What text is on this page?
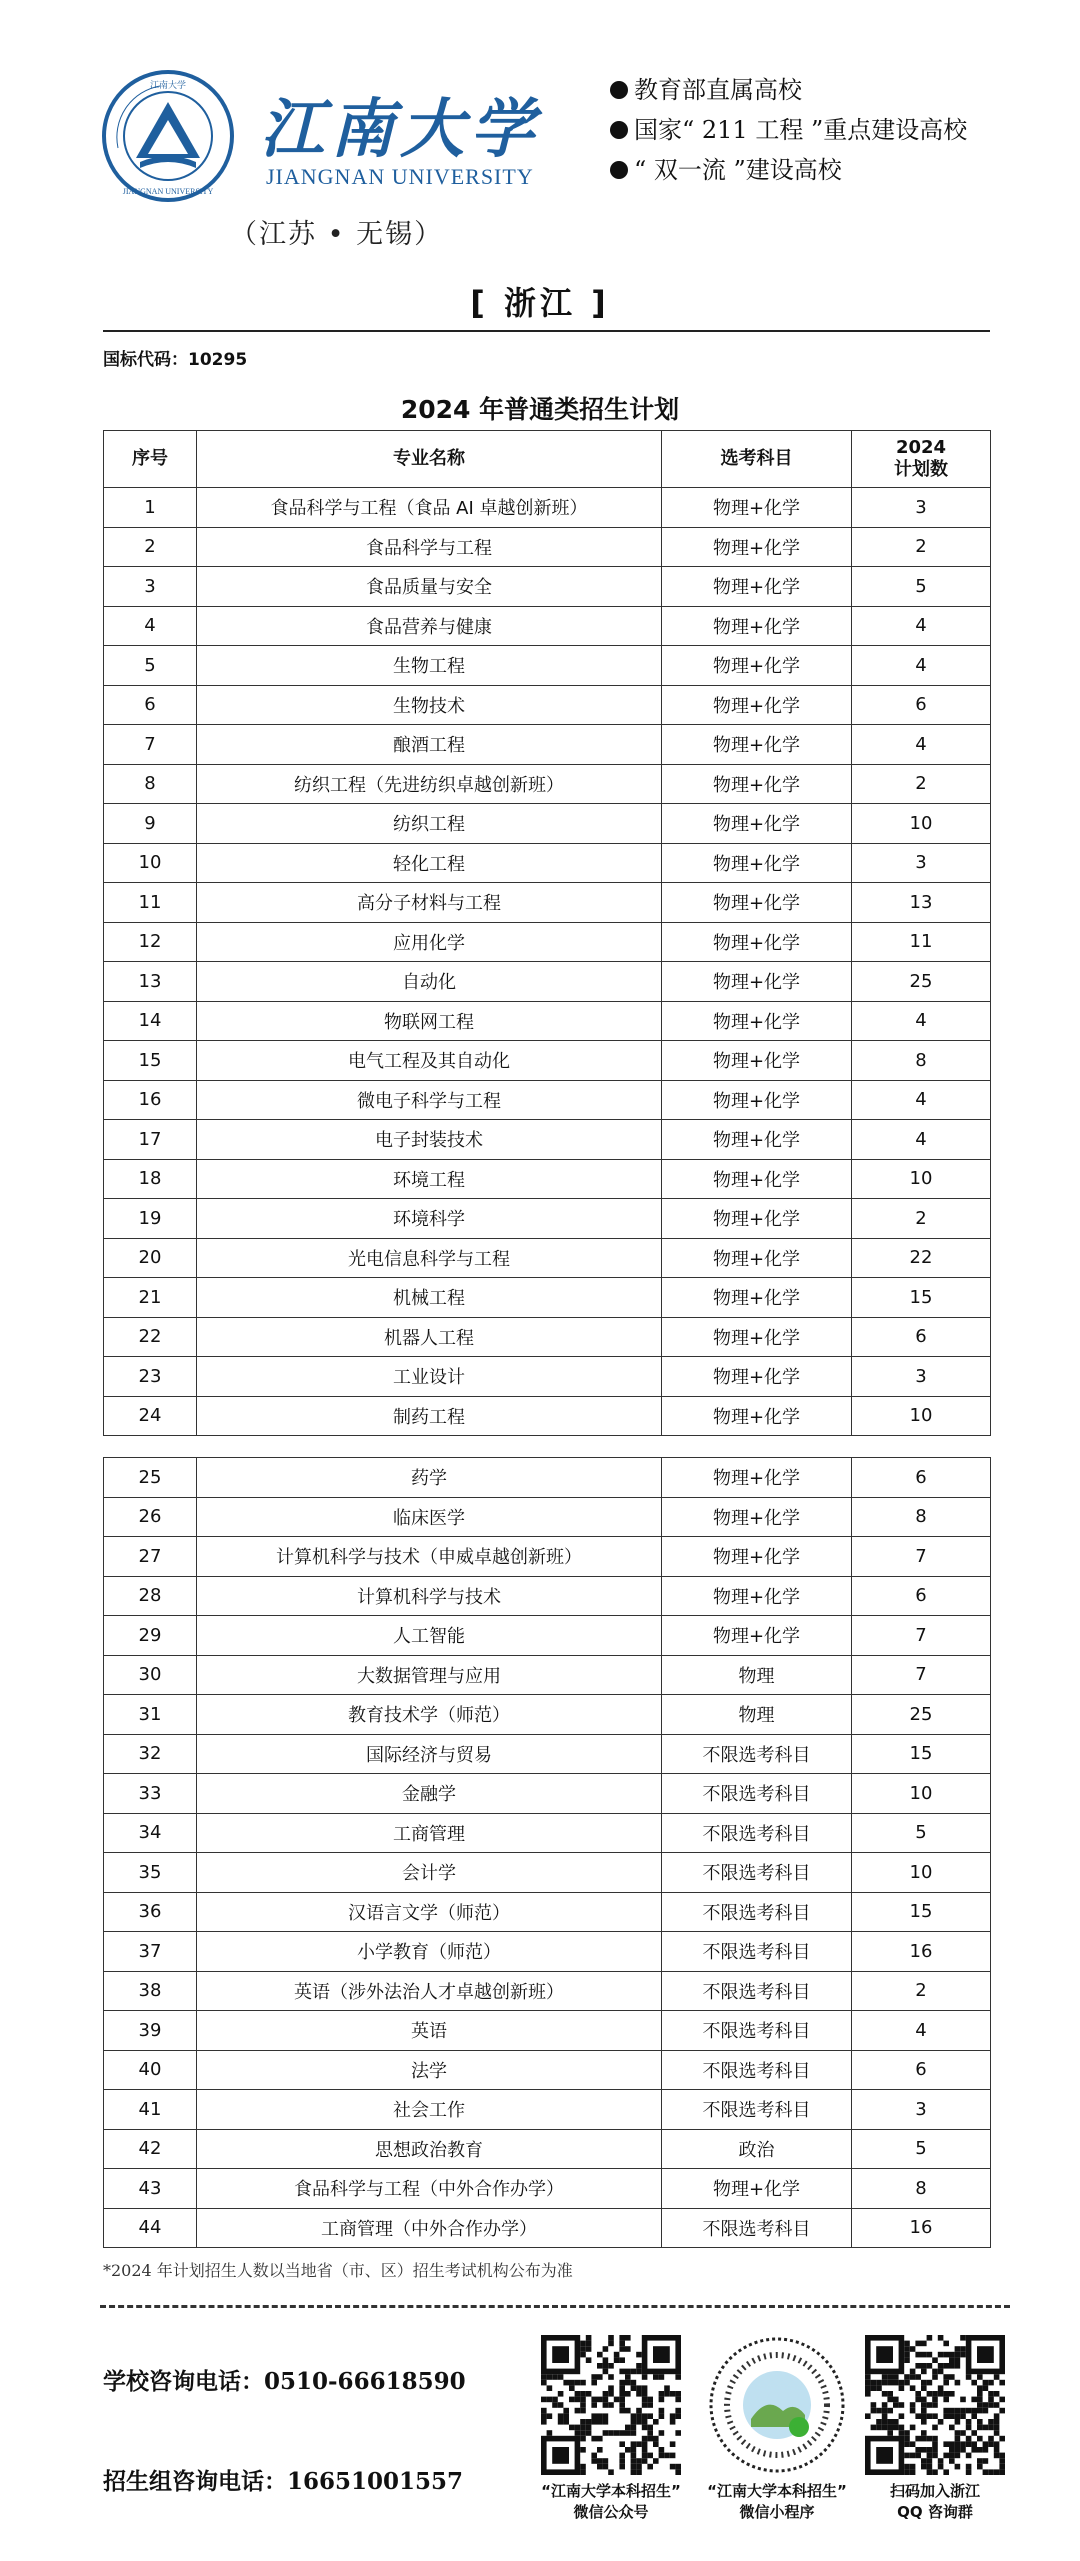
江南大学
JIANGNAN UNIVERSITY
江南大学
JIANGNAN UNIVERSITY
（江苏 • 无锡）
教育部直属高校
国家“ 211 工程 ”重点建设高校
“ 双一流 ”建设高校
[ 浙江 ]
国标代码：10295
2024 年普通类招生计划
序号	专业名称	选考科目	2024
计划数
1	食品科学与工程（食品 AI 卓越创新班）	物理+化学	3
2	食品科学与工程	物理+化学	2
3	食品质量与安全	物理+化学	5
4	食品营养与健康	物理+化学	4
5	生物工程	物理+化学	4
6	生物技术	物理+化学	6
7	酿酒工程	物理+化学	4
8	纺织工程（先进纺织卓越创新班）	物理+化学	2
9	纺织工程	物理+化学	10
10	轻化工程	物理+化学	3
11	高分子材料与工程	物理+化学	13
12	应用化学	物理+化学	11
13	自动化	物理+化学	25
14	物联网工程	物理+化学	4
15	电气工程及其自动化	物理+化学	8
16	微电子科学与工程	物理+化学	4
17	电子封装技术	物理+化学	4
18	环境工程	物理+化学	10
19	环境科学	物理+化学	2
20	光电信息科学与工程	物理+化学	22
21	机械工程	物理+化学	15
22	机器人工程	物理+化学	6
23	工业设计	物理+化学	3
24	制药工程	物理+化学	10
25	药学	物理+化学	6
26	临床医学	物理+化学	8
27	计算机科学与技术（申威卓越创新班）	物理+化学	7
28	计算机科学与技术	物理+化学	6
29	人工智能	物理+化学	7
30	大数据管理与应用	物理	7
31	教育技术学（师范）	物理	25
32	国际经济与贸易	不限选考科目	15
33	金融学	不限选考科目	10
34	工商管理	不限选考科目	5
35	会计学	不限选考科目	10
36	汉语言文学（师范）	不限选考科目	15
37	小学教育（师范）	不限选考科目	16
38	英语（涉外法治人才卓越创新班）	不限选考科目	2
39	英语	不限选考科目	4
40	法学	不限选考科目	6
41	社会工作	不限选考科目	3
42	思想政治教育	政治	5
43	食品科学与工程（中外合作办学）	物理+化学	8
44	工商管理（中外合作办学）	不限选考科目	16
*2024 年计划招生人数以当地省（市、区）招生考试机构公布为准
学校咨询电话：0510-66618590
招生组咨询电话：16651001557	“江南大学本科招生”
微信公众号
“江南大学本科招生”
微信小程序
扫码加入浙江
QQ 咨询群
